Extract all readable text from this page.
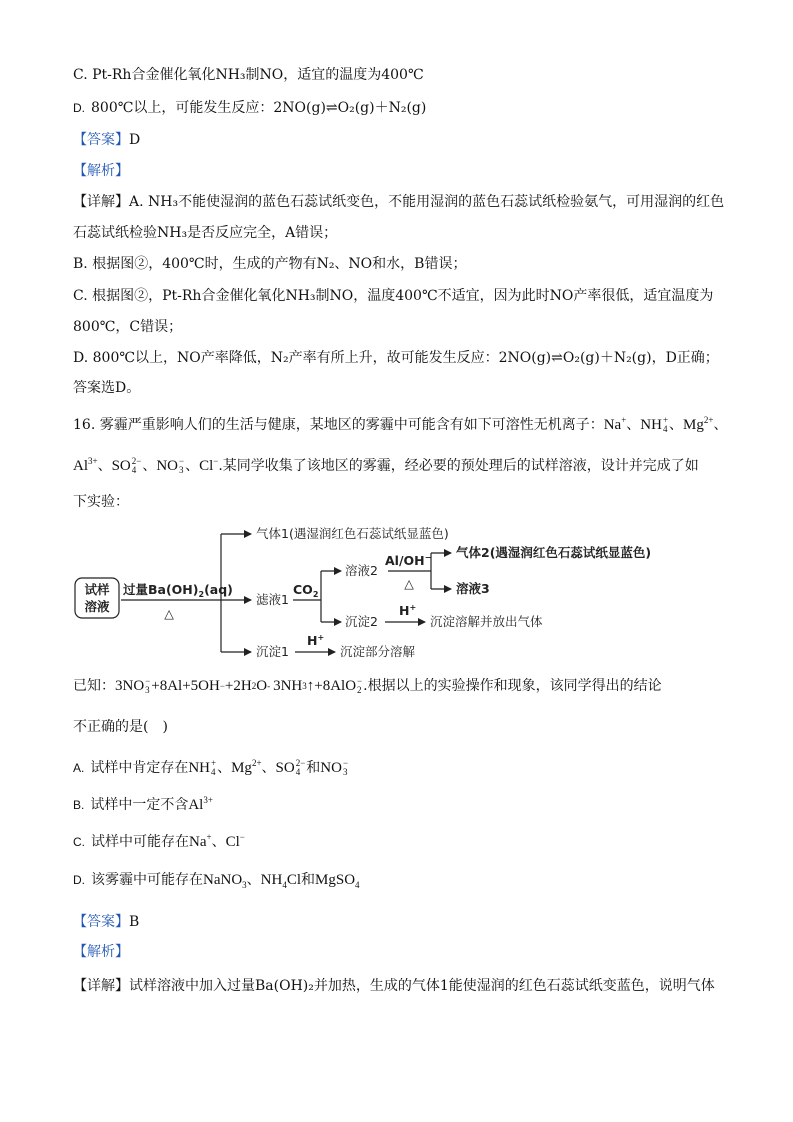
C. Pt-Rh合金催化氧化NH₃制NO，适宜的温度为400℃
D. 800℃以上，可能发生反应：2NO(g)⇌O₂(g)＋N₂(g)
【答案】D
【解析】
【详解】A. NH₃不能使湿润的蓝色石蕊试纸变色，不能用湿润的蓝色石蕊试纸检验氨气，可用湿润的红色
石蕊试纸检验NH₃是否反应完全，A错误；
B. 根据图②，400℃时，生成的产物有N₂、NO和水，B错误；
C. 根据图②，Pt-Rh合金催化氧化NH₃制NO，温度400℃不适宜，因为此时NO产率很低，适宜温度为
800℃，C错误；
D. 800℃以上，NO产率降低，N₂产率有所上升，故可能发生反应：2NO(g)⇌O₂(g)＋N₂(g)，D正确；
答案选D。
16. 雾霾严重影响人们的生活与健康，某地区的雾霾中可能含有如下可溶性无机离子：Na+、 NH +
4 、$Mg^{2+}$、
$Al^{3+}$、 SO 2−
4 、 NO −
3 、Cl−.某同学收集了该地区的雾霾，经必要的预处理后的试样溶液，设计并完成了如
下实验：
试样
溶液
过量$Ba(OH)_2(aq)$
△
气体1(遇湿润红色石蕊试纸显蓝色)
滤液1
沉淀1
$CO_2$
溶液2
沉淀2
Al/OH−
△
气体2(遇湿润红色石蕊试纸显蓝色)
溶液3
H+
沉淀溶解并放出气体
H+
沉淀部分溶解
已知： 3NO −
3 +8Al+5OH − +2H 2 O -
  3NH 3 ↑+8AlO −
2 .根据以上的实验操作和现象，该同学得出的结论
不正确的是(　)
A. 试样中肯定存在 NH +
4 、$Mg^{2+}$、 SO 2−
4 和 NO −
3
B. 试样中一定不含$Al^{3+}$
C. 试样中可能存在Na+、Cl−
D. 该雾霾中可能存在NaNO$_3$、$NH_4Cl$和MgSO$_4$
【答案】B
【解析】
【详解】试样溶液中加入过量Ba(OH)₂并加热，生成的气体1能使湿润的红色石蕊试纸变蓝色，说明气体
